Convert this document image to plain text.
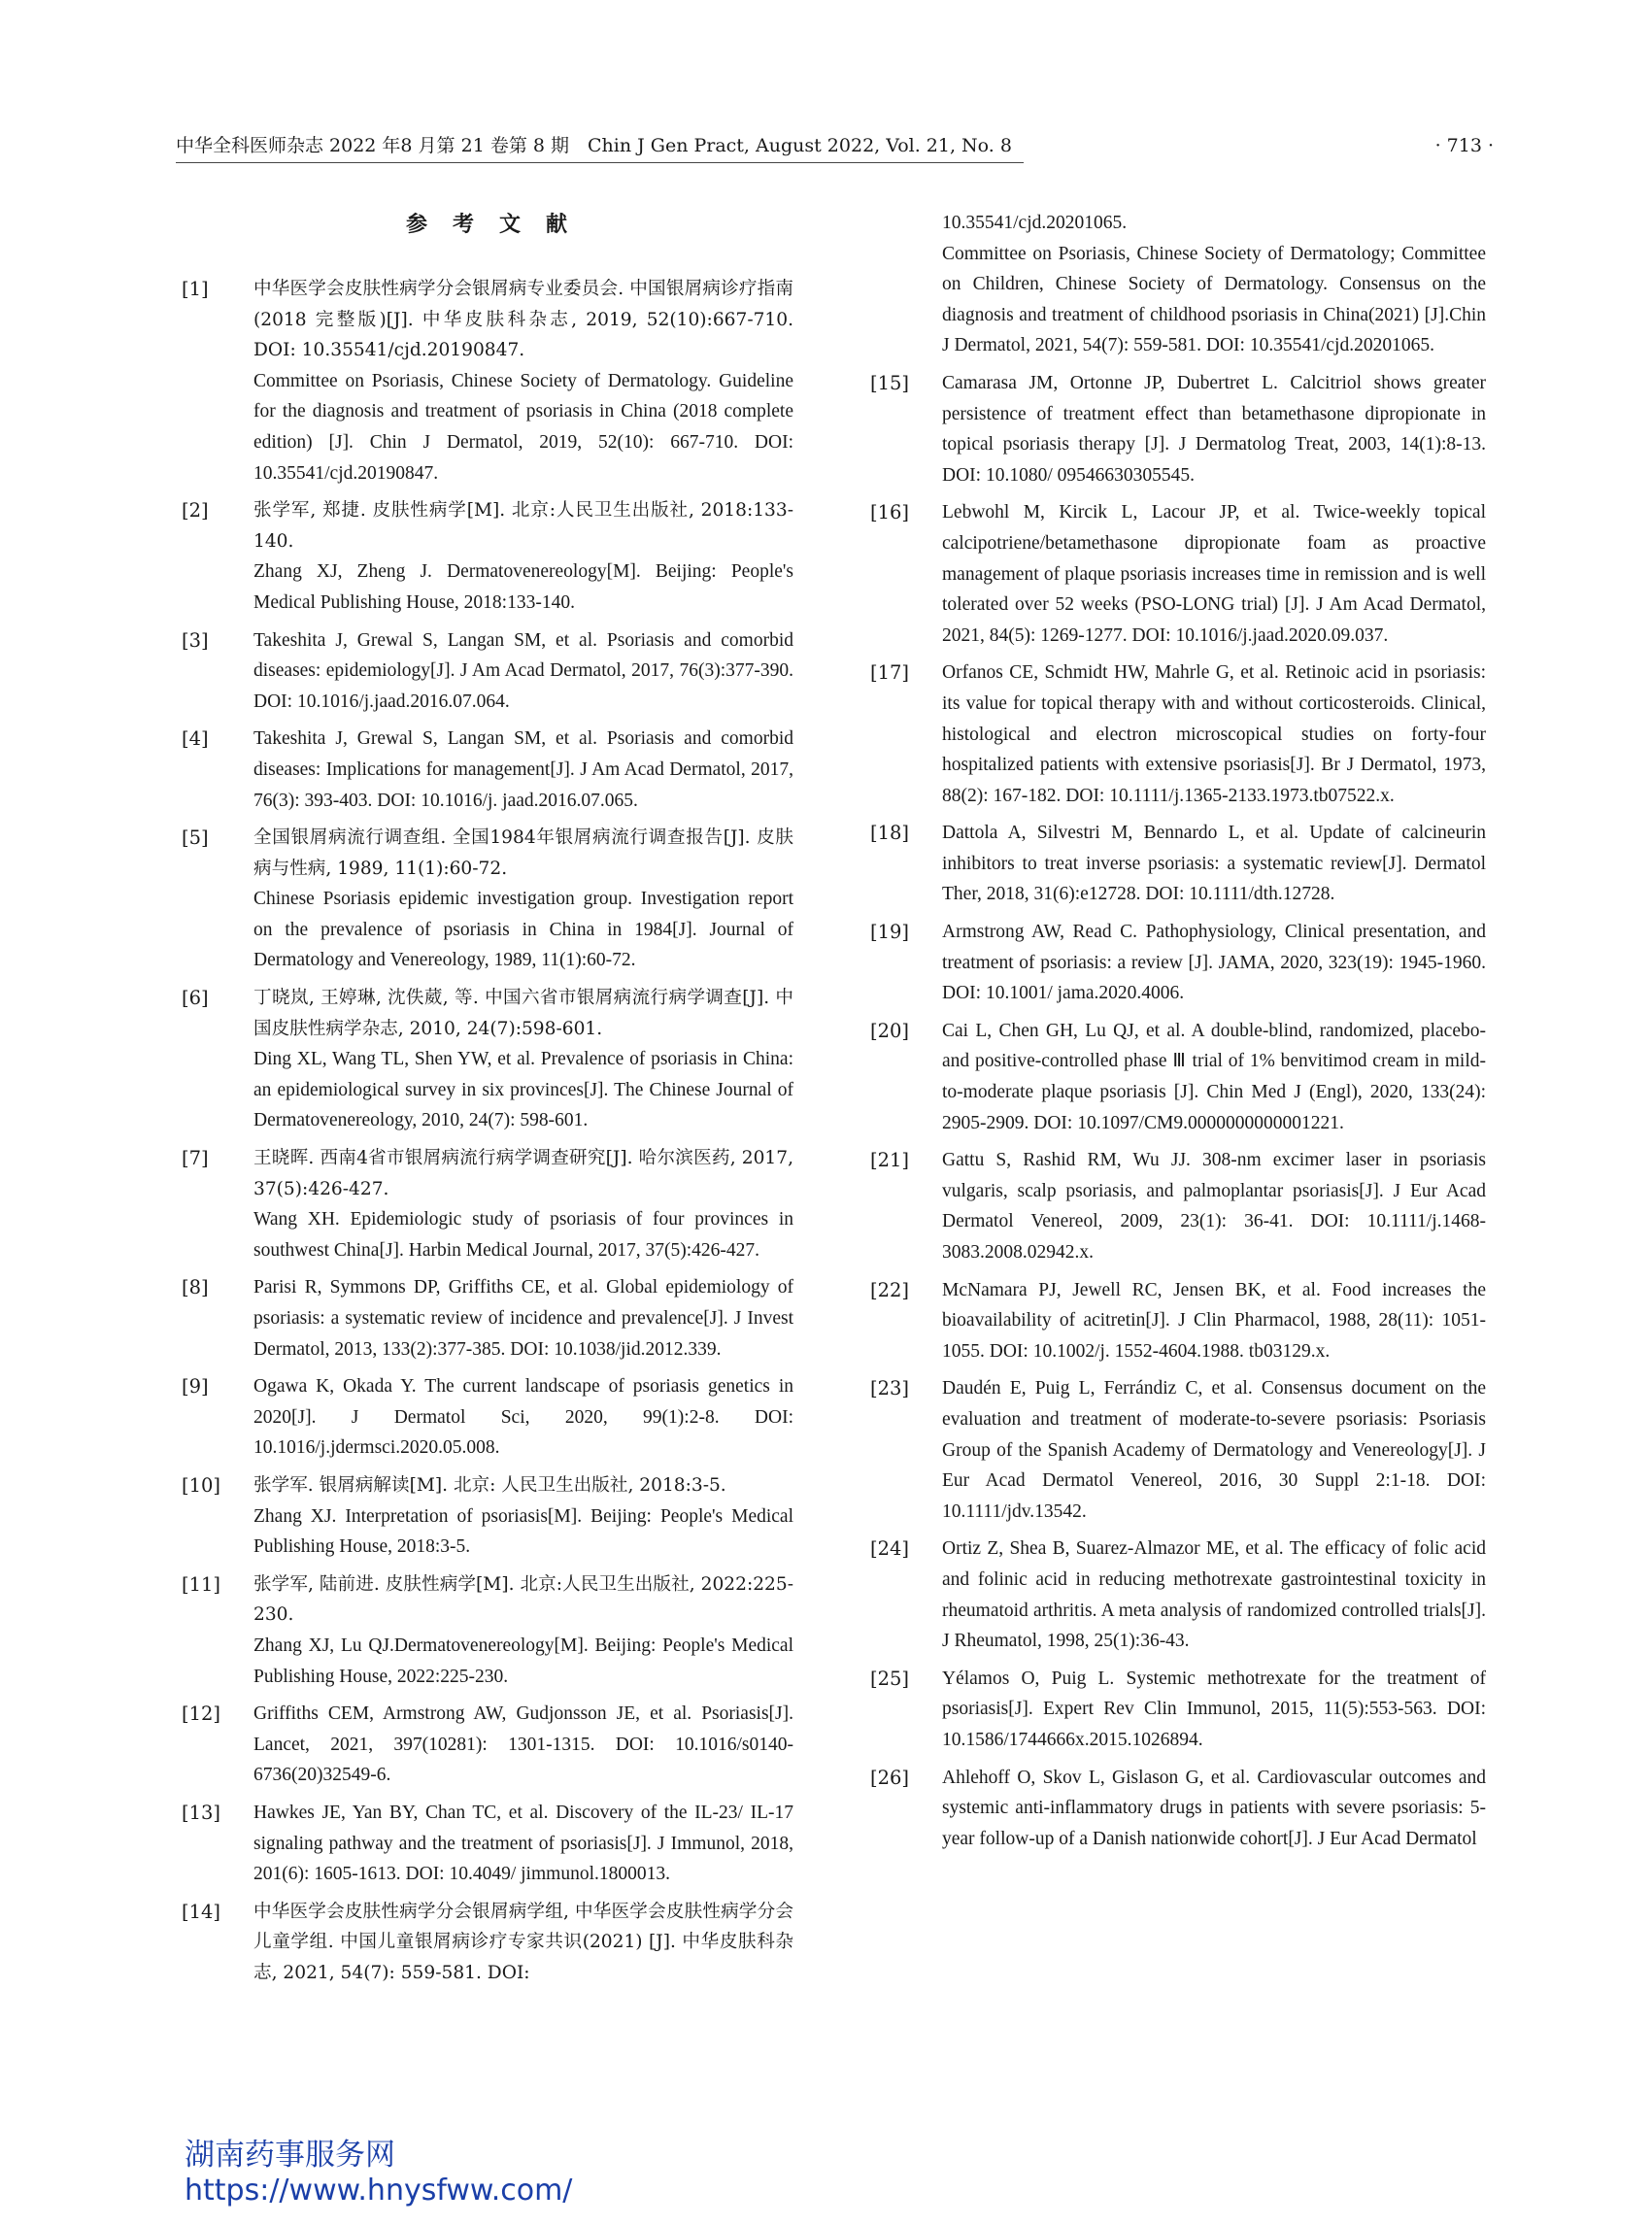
中华全科医师杂志 2022 年8 月第 21 卷第 8 期　Chin J Gen Pract, August 2022, Vol. 21, No. 8	· 713 ·
参考文献
[1]	中华医学会皮肤性病学分会银屑病专业委员会. 中国银屑病诊疗指南(2018 完整版)[J]. 中华皮肤科杂志, 2019, 52(10):667-710. DOI: 10.35541/cjd.20190847.

Committee on Psoriasis, Chinese Society of Dermatology. Guideline for the diagnosis and treatment of psoriasis in China (2018 complete edition) [J]. Chin J Dermatol, 2019, 52(10): 667-710. DOI: 10.35541/cjd.20190847.

[2]	张学军, 郑捷. 皮肤性病学[M]. 北京:人民卫生出版社, 2018:133-140.

Zhang XJ, Zheng J. Dermatovenereology[M]. Beijing: People's Medical Publishing House, 2018:133-140.

[3]	Takeshita J, Grewal S, Langan SM, et al. Psoriasis and comorbid diseases: epidemiology[J]. J Am Acad Dermatol, 2017, 76(3):377-390. DOI: 10.1016/j.jaad.2016.07.064.

[4]	Takeshita J, Grewal S, Langan SM, et al. Psoriasis and comorbid diseases: Implications for management[J]. J Am Acad Dermatol, 2017, 76(3): 393-403. DOI: 10.1016/j. jaad.2016.07.065.

[5]	全国银屑病流行调查组. 全国1984年银屑病流行调查报告[J]. 皮肤病与性病, 1989, 11(1):60-72.

Chinese Psoriasis epidemic investigation group. Investigation report on the prevalence of psoriasis in China in 1984[J]. Journal of Dermatology and Venereology, 1989, 11(1):60-72.

[6]	丁晓岚, 王婷琳, 沈佚葳, 等. 中国六省市银屑病流行病学调查[J]. 中国皮肤性病学杂志, 2010, 24(7):598-601.

Ding XL, Wang TL, Shen YW, et al. Prevalence of psoriasis in China: an epidemiological survey in six provinces[J]. The Chinese Journal of Dermatovenereology, 2010, 24(7): 598-601.

[7]	王晓晖. 西南4省市银屑病流行病学调查研究[J]. 哈尔滨医药, 2017, 37(5):426-427.

Wang XH. Epidemiologic study of psoriasis of four provinces in southwest China[J]. Harbin Medical Journal, 2017, 37(5):426-427.

[8]	Parisi R, Symmons DP, Griffiths CE, et al. Global epidemiology of psoriasis: a systematic review of incidence and prevalence[J]. J Invest Dermatol, 2013, 133(2):377-385. DOI: 10.1038/jid.2012.339.

[9]	Ogawa K, Okada Y. The current landscape of psoriasis genetics in 2020[J]. J Dermatol Sci, 2020, 99(1):2-8. DOI: 10.1016/j.jdermsci.2020.05.008.

[10]	张学军. 银屑病解读[M]. 北京: 人民卫生出版社, 2018:3-5.

Zhang XJ. Interpretation of psoriasis[M]. Beijing: People's Medical Publishing House, 2018:3-5.

[11]	张学军, 陆前进. 皮肤性病学[M]. 北京:人民卫生出版社, 2022:225-230.

Zhang XJ, Lu QJ.Dermatovenereology[M]. Beijing: People's Medical Publishing House, 2022:225-230.

[12]	Griffiths CEM, Armstrong AW, Gudjonsson JE, et al. Psoriasis[J]. Lancet, 2021, 397(10281): 1301-1315. DOI: 10.1016/s0140-6736(20)32549-6.

[13]	Hawkes JE, Yan BY, Chan TC, et al. Discovery of the IL-23/ IL-17 signaling pathway and the treatment of psoriasis[J]. J Immunol, 2018, 201(6): 1605-1613. DOI: 10.4049/ jimmunol.1800013.

[14]	中华医学会皮肤性病学分会银屑病学组, 中华医学会皮肤性病学分会儿童学组. 中国儿童银屑病诊疗专家共识(2021) [J]. 中华皮肤科杂志, 2021, 54(7): 559-581. DOI:

10.35541/cjd.20201065.

Committee on Psoriasis, Chinese Society of Dermatology; Committee on Children, Chinese Society of Dermatology. Consensus on the diagnosis and treatment of childhood psoriasis in China(2021) [J].Chin J Dermatol, 2021, 54(7): 559-581. DOI: 10.35541/cjd.20201065.

[15]	Camarasa JM, Ortonne JP, Dubertret L. Calcitriol shows greater persistence of treatment effect than betamethasone dipropionate in topical psoriasis therapy [J]. J Dermatolog Treat, 2003, 14(1):8-13. DOI: 10.1080/ 09546630305545.

[16]	Lebwohl M, Kircik L, Lacour JP, et al. Twice-weekly topical calcipotriene/betamethasone dipropionate foam as proactive management of plaque psoriasis increases time in remission and is well tolerated over 52 weeks (PSO-LONG trial) [J]. J Am Acad Dermatol, 2021, 84(5): 1269-1277. DOI: 10.1016/j.jaad.2020.09.037.

[17]	Orfanos CE, Schmidt HW, Mahrle G, et al. Retinoic acid in psoriasis: its value for topical therapy with and without corticosteroids. Clinical, histological and electron microscopical studies on forty-four hospitalized patients with extensive psoriasis[J]. Br J Dermatol, 1973, 88(2): 167-182. DOI: 10.1111/j.1365-2133.1973.tb07522.x.

[18]	Dattola A, Silvestri M, Bennardo L, et al. Update of calcineurin inhibitors to treat inverse psoriasis: a systematic review[J]. Dermatol Ther, 2018, 31(6):e12728. DOI: 10.1111/dth.12728.

[19]	Armstrong AW, Read C. Pathophysiology, Clinical presentation, and treatment of psoriasis: a review [J]. JAMA, 2020, 323(19): 1945-1960. DOI: 10.1001/ jama.2020.4006.

[20]	Cai L, Chen GH, Lu QJ, et al. A double-blind, randomized, placebo-and positive-controlled phase Ⅲ trial of 1% benvitimod cream in mild-to-moderate plaque psoriasis [J]. Chin Med J (Engl), 2020, 133(24): 2905-2909. DOI: 10.1097/CM9.0000000000001221.

[21]	Gattu S, Rashid RM, Wu JJ. 308-nm excimer laser in psoriasis vulgaris, scalp psoriasis, and palmoplantar psoriasis[J]. J Eur Acad Dermatol Venereol, 2009, 23(1): 36-41. DOI: 10.1111/j.1468-3083.2008.02942.x.

[22]	McNamara PJ, Jewell RC, Jensen BK, et al. Food increases the bioavailability of acitretin[J]. J Clin Pharmacol, 1988, 28(11): 1051-1055. DOI: 10.1002/j. 1552-4604.1988. tb03129.x.

[23]	Daudén E, Puig L, Ferrándiz C, et al. Consensus document on the evaluation and treatment of moderate-to-severe psoriasis: Psoriasis Group of the Spanish Academy of Dermatology and Venereology[J]. J Eur Acad Dermatol Venereol, 2016, 30 Suppl 2:1-18. DOI: 10.1111/jdv.13542.

[24]	Ortiz Z, Shea B, Suarez-Almazor ME, et al. The efficacy of folic acid and folinic acid in reducing methotrexate gastrointestinal toxicity in rheumatoid arthritis. A meta analysis of randomized controlled trials[J]. J Rheumatol, 1998, 25(1):36-43.

[25]	Yélamos O, Puig L. Systemic methotrexate for the treatment of psoriasis[J]. Expert Rev Clin Immunol, 2015, 11(5):553-563. DOI: 10.1586/1744666x.2015.1026894.

[26]	Ahlehoff O, Skov L, Gislason G, et al. Cardiovascular outcomes and systemic anti-inflammatory drugs in patients with severe psoriasis: 5-year follow-up of a Danish nationwide cohort[J]. J Eur Acad Dermatol

湖南药事服务网
https://www.hnysfww.com/
